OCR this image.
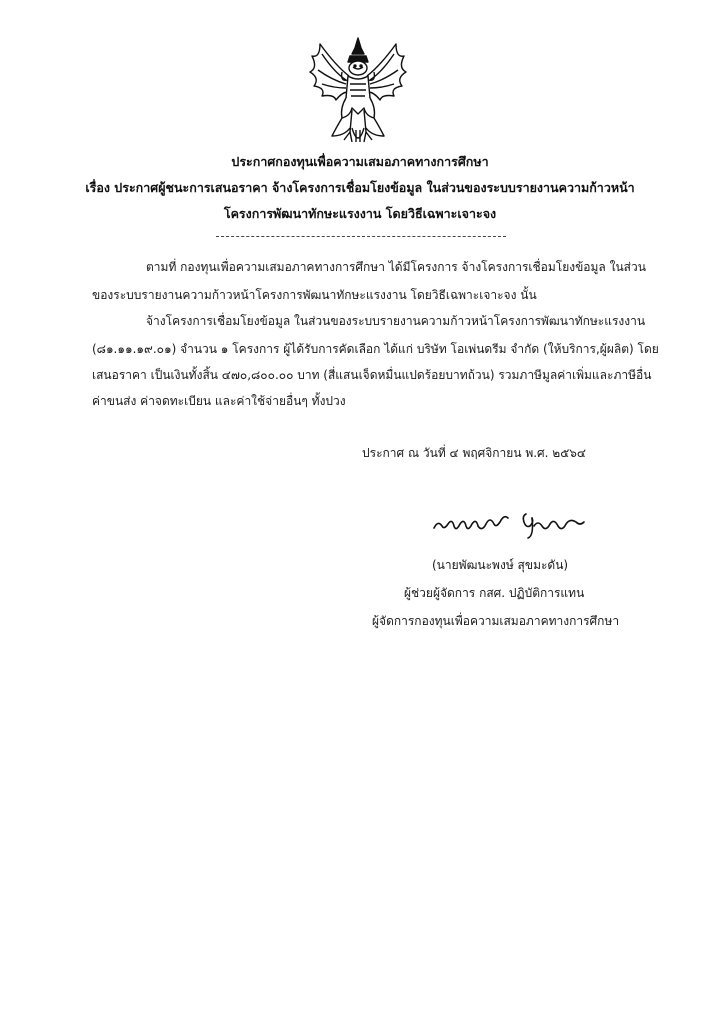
ประกาศกองทุนเพื่อความเสมอภาคทางการศึกษา
เรื่อง ประกาศผู้ชนะการเสนอราคา จ้างโครงการเชื่อมโยงข้อมูล ในส่วนของระบบรายงานความก้าวหน้า
โครงการพัฒนาทักษะแรงงาน โดยวิธีเฉพาะเจาะจง
ตามที่ กองทุนเพื่อความเสมอภาคทางการศึกษา ได้มีโครงการ จ้างโครงการเชื่อมโยงข้อมูล ในส่วน
ของระบบรายงานความก้าวหน้าโครงการพัฒนาทักษะแรงงาน โดยวิธีเฉพาะเจาะจง นั้น
จ้างโครงการเชื่อมโยงข้อมูล ในส่วนของระบบรายงานความก้าวหน้าโครงการพัฒนาทักษะแรงงาน
(๘๑.๑๑.๑๙.๐๑) จำนวน ๑ โครงการ ผู้ได้รับการคัดเลือก ได้แก่ บริษัท โอเพ่นดรีม จำกัด (ให้บริการ,ผู้ผลิต) โดย
เสนอราคา เป็นเงินทั้งสิ้น ๔๗๐,๘๐๐.๐๐ บาท (สี่แสนเจ็ดหมื่นแปดร้อยบาทถ้วน) รวมภาษีมูลค่าเพิ่มและภาษีอื่น
ค่าขนส่ง ค่าจดทะเบียน และค่าใช้จ่ายอื่นๆ ทั้งปวง
ประกาศ ณ วันที่ ๔ พฤศจิกายน พ.ศ. ๒๕๖๔
(นายพัฒนะพงษ์ สุขมะดัน)
ผู้ช่วยผู้จัดการ กสศ. ปฏิบัติการแทน
ผู้จัดการกองทุนเพื่อความเสมอภาคทางการศึกษา
